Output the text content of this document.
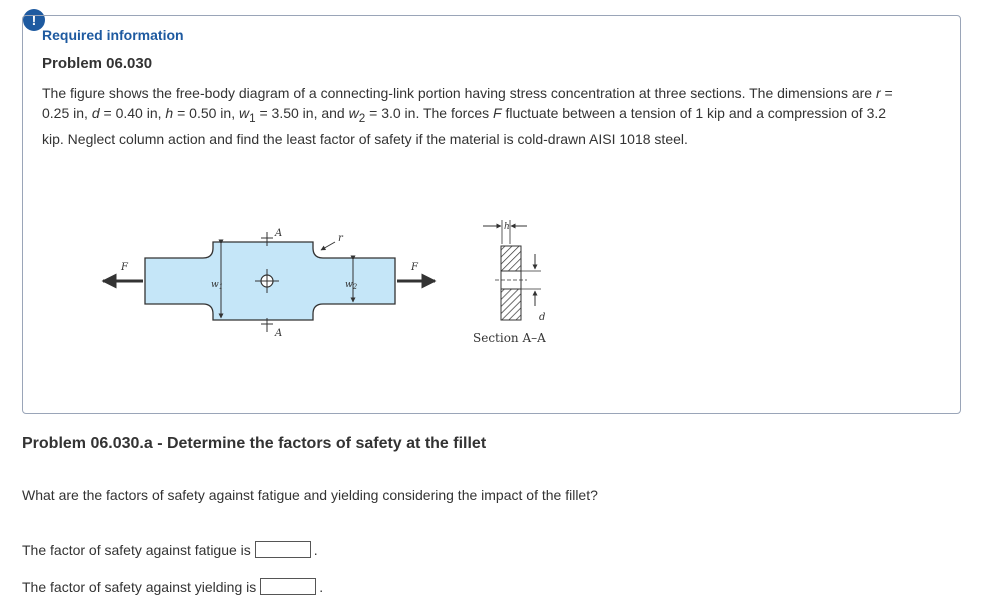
!
Required information
Problem 06.030

The figure shows the free-body diagram of a connecting-link portion having stress concentration at three sections. The dimensions are r = 0.25 in, d = 0.40 in, h = 0.50 in, $w_1 = 3.50$ in, and $w_2 = 3.0$ in. The forces F fluctuate between a tension of 1 kip and a compression of 3.2 kip. Neglect column action and find the least factor of safety if the material is cold-drawn AISI 1018 steel.

F	F
$w_1$
A
A
$w_2$
r
h
d
Section A–A
Problem 06.030.a - Determine the factors of safety at the fillet
What are the factors of safety against fatigue and yielding considering the impact of the fillet?
The factor of safety against fatigue is	.
The factor of safety against yielding is	.
